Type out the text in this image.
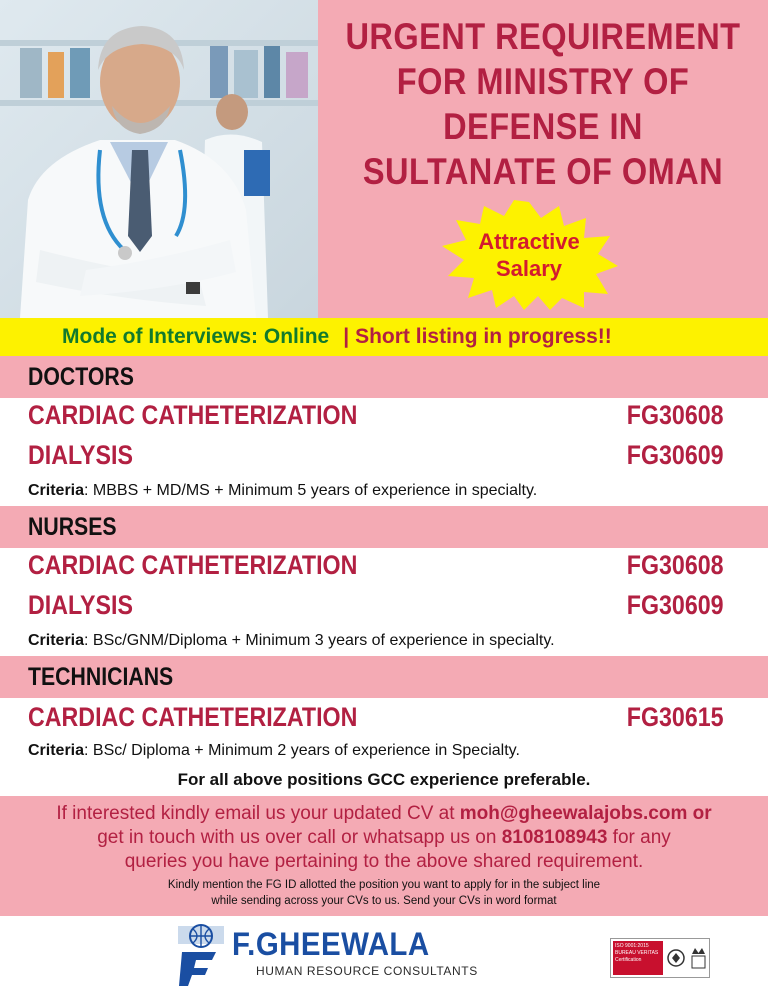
URGENT REQUIREMENT
FOR MINISTRY OF
DEFENSE IN
SULTANATE OF OMAN
Attractive
Salary
Mode of Interviews: Online | Short listing in progress!!
DOCTORS
CARDIAC CATHETERIZATION	FG30608
DIALYSIS	FG30609
Criteria: MBBS + MD/MS + Minimum 5 years of experience in specialty.
NURSES
CARDIAC CATHETERIZATION	FG30608
DIALYSIS	FG30609
Criteria: BSc/GNM/Diploma + Minimum 3 years of experience in specialty.
TECHNICIANS
CARDIAC CATHETERIZATION	FG30615
Criteria: BSc/ Diploma + Minimum 2 years of experience in Specialty.
For all above positions GCC experience preferable.
If interested kindly email us your updated CV at moh@gheewalajobs.com or
get in touch with us over call or whatsapp us on 8108108943 for any
queries you have pertaining to the above shared requirement.
Kindly mention the FG ID allotted the position you want to apply for in the subject line
while sending across your CVs to us. Send your CVs in word format
F.GHEEWALA
HUMAN RESOURCE CONSULTANTS
ISO 9001:2015 BUREAU VERITAS Certification
